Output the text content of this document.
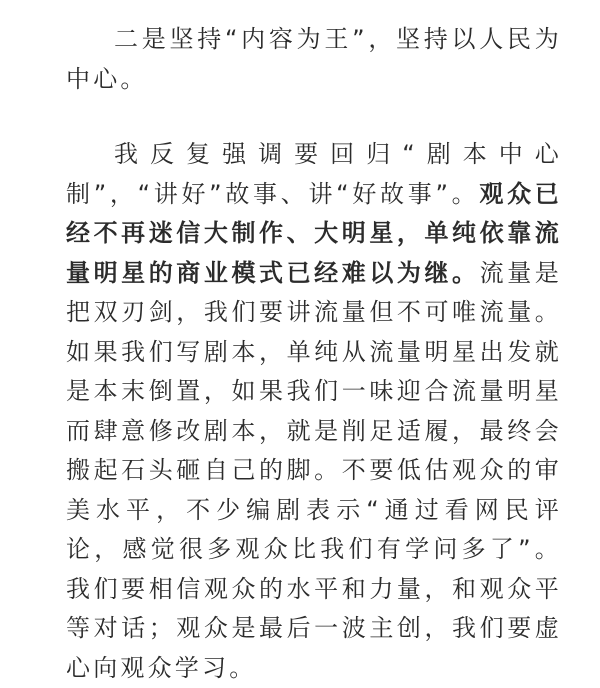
二是坚持“内容为王”，坚持以人民为中心。

我反复强调要回归“剧本中心制”，“讲好”故事、讲“好故事”。观众已经不再迷信大制作、大明星，单纯依靠流量明星的商业模式已经难以为继。流量是把双刃剑，我们要讲流量但不可唯流量。如果我们写剧本，单纯从流量明星出发就是本末倒置，如果我们一味迎合流量明星而肆意修改剧本，就是削足适履，最终会搬起石头砸自己的脚。不要低估观众的审美水平，不少编剧表示“通过看网民评论，感觉很多观众比我们有学问多了”。我们要相信观众的水平和力量，和观众平等对话；观众是最后一波主创，我们要虚心向观众学习。
